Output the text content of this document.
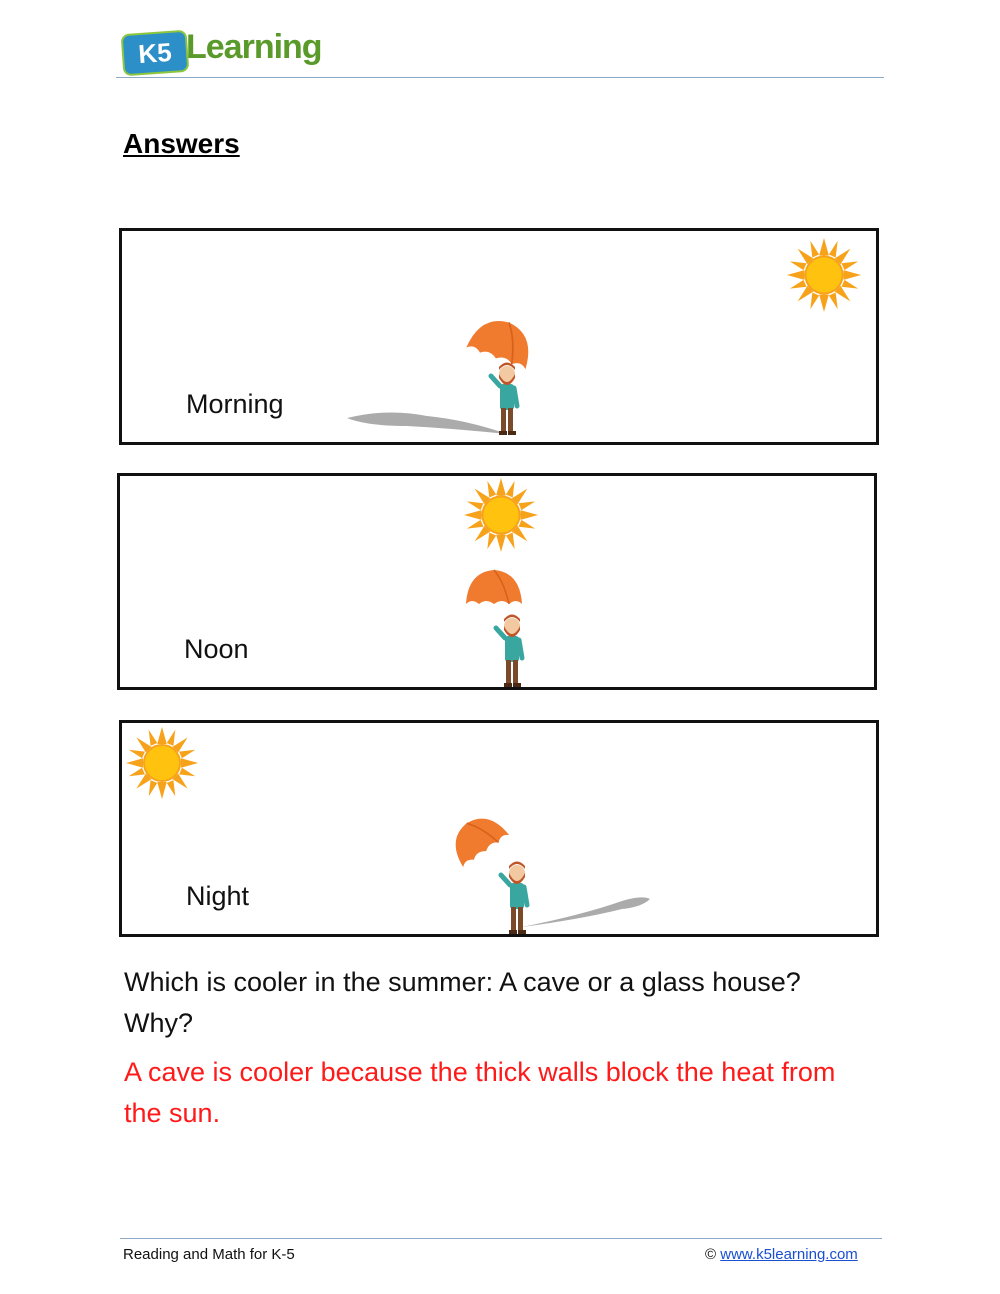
K5 Learning
Answers
Morning
Noon
Night
Which is cooler in the summer: A cave or a glass house? Why?
A cave is cooler because the thick walls block the heat from the sun.
Reading and Math for K-5	© www.k5learning.com
